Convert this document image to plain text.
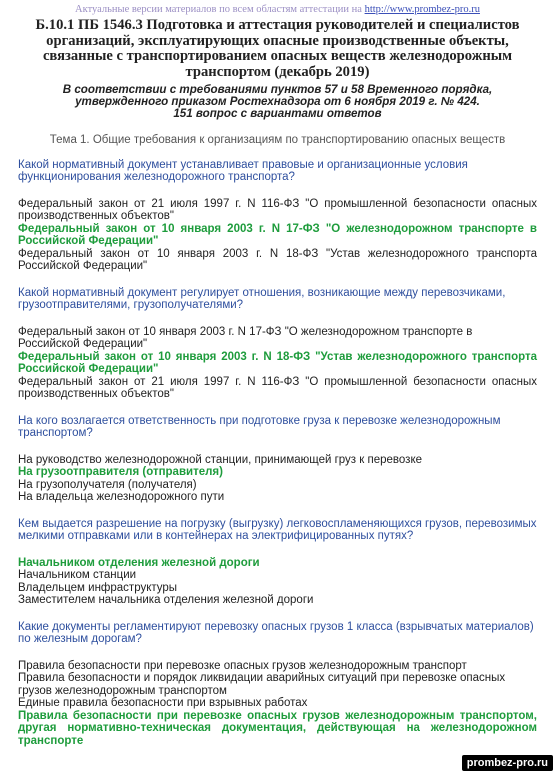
Актуальные версии материалов по всем областям аттестации на http://www.prombez-pro.ru
Б.10.1 ПБ 1546.3 Подготовка и аттестация руководителей и специалистов организаций, эксплуатирующих опасные производственные объекты, связанные с транспортированием опасных веществ железнодорожным транспортом (декабрь 2019)
В соответствии с требованиями пунктов 57 и 58 Временного порядка, утвержденного приказом Ростехнадзора от 6 ноября 2019 г. № 424.
151 вопрос с вариантами ответов
Тема 1. Общие требования к организациям по транспортированию опасных веществ
Какой нормативный документ устанавливает правовые и организационные условия функционирования железнодорожного транспорта?
Федеральный закон от 21 июля 1997 г. N 116-ФЗ "О промышленной безопасности опасных производственных объектов"
Федеральный закон от 10 января 2003 г. N 17-ФЗ "О железнодорожном транспорте в Российской Федерации"
Федеральный закон от 10 января 2003 г. N 18-ФЗ "Устав железнодорожного транспорта Российской Федерации"
Какой нормативный документ регулирует отношения, возникающие между перевозчиками, грузоотправителями, грузополучателями?
Федеральный закон от 10 января 2003 г. N 17-ФЗ "О железнодорожном транспорте в Российской Федерации"
Федеральный закон от 10 января 2003 г. N 18-ФЗ "Устав железнодорожного транспорта Российской Федерации"
Федеральный закон от 21 июля 1997 г. N 116-ФЗ "О промышленной безопасности опасных производственных объектов"
На кого возлагается ответственность при подготовке груза к перевозке железнодорожным транспортом?
На руководство железнодорожной станции, принимающей груз к перевозке
На грузоотправителя (отправителя)
На грузополучателя (получателя)
На владельца железнодорожного пути
Кем выдается разрешение на погрузку (выгрузку) легковоспламеняющихся грузов, перевозимых мелкими отправками или в контейнерах на электрифицированных путях?
Начальником отделения железной дороги
Начальником станции
Владельцем инфраструктуры
Заместителем начальника отделения железной дороги
Какие документы регламентируют перевозку опасных грузов 1 класса (взрывчатых материалов) по железным дорогам?
Правила безопасности при перевозке опасных грузов железнодорожным транспорт
Правила безопасности и порядок ликвидации аварийных ситуаций при перевозке опасных грузов железнодорожным транспортом
Единые правила безопасности при взрывных работах
Правила безопасности при перевозке опасных грузов железнодорожным транспортом, другая нормативно-техническая документация, действующая на железнодорожном транспорте
prombez-pro.ru
